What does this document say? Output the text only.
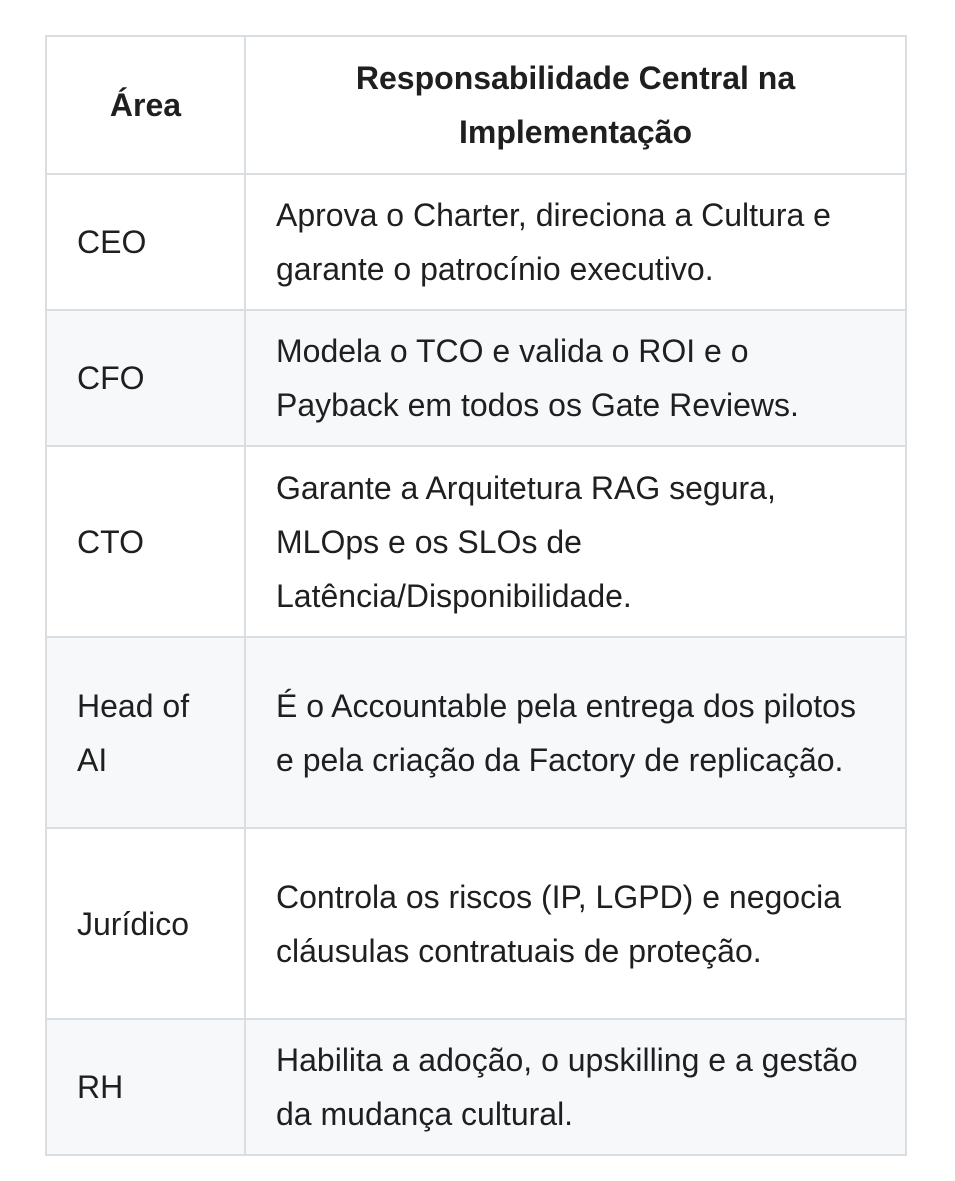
Área	Responsabilidade Central na Implementação
CEO	Aprova o Charter, direciona a Cultura e garante o patrocínio executivo.
CFO	Modela o TCO e valida o ROI e o Payback em todos os Gate Reviews.
CTO	Garante a Arquitetura RAG segura, MLOps e os SLOs de Latência/Disponibilidade.
Head of AI	É o Accountable pela entrega dos pilotos e pela criação da Factory de replicação.
Jurídico	Controla os riscos (IP, LGPD) e negocia cláusulas contratuais de proteção.
RH	Habilita a adoção, o upskilling e a gestão da mudança cultural.
